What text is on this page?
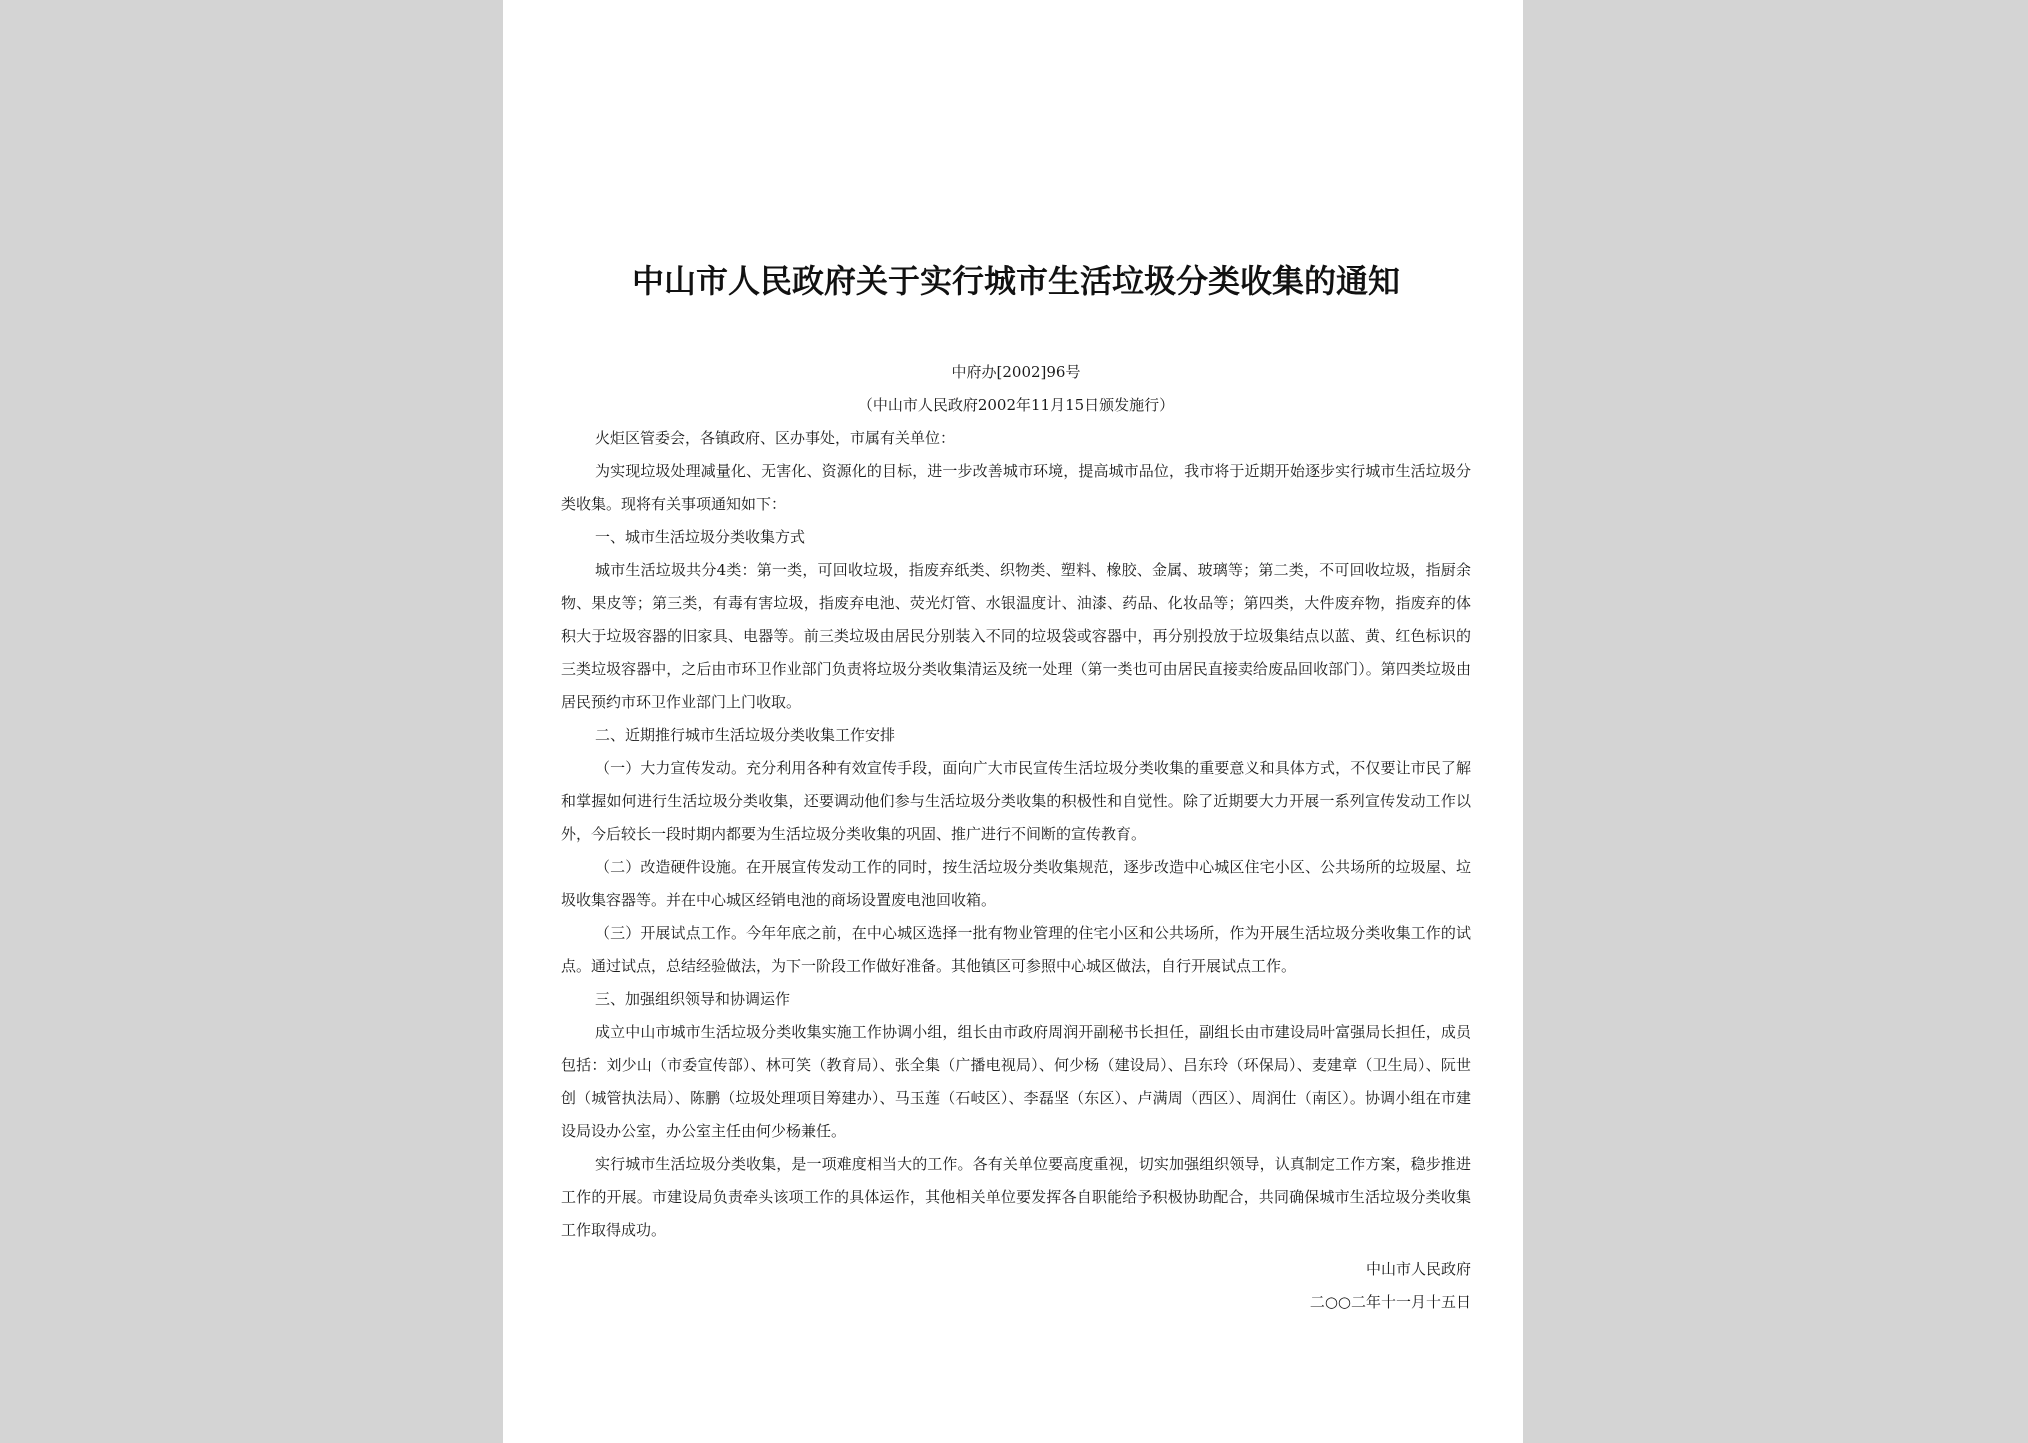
中山市人民政府关于实行城市生活垃圾分类收集的通知
中府办[2002]96号
（中山市人民政府2002年11月15日颁发施行）

火炬区管委会，各镇政府、区办事处，市属有关单位：

为实现垃圾处理减量化、无害化、资源化的目标，进一步改善城市环境，提高城市品位，我市将于近期开始逐步实行城市生活垃圾分类收集。现将有关事项通知如下：

一、城市生活垃圾分类收集方式

城市生活垃圾共分4类：第一类，可回收垃圾，指废弃纸类、织物类、塑料、橡胶、金属、玻璃等；第二类，不可回收垃圾，指厨余物、果皮等；第三类，有毒有害垃圾，指废弃电池、荧光灯管、水银温度计、油漆、药品、化妆品等；第四类，大件废弃物，指废弃的体积大于垃圾容器的旧家具、电器等。前三类垃圾由居民分别装入不同的垃圾袋或容器中，再分别投放于垃圾集结点以蓝、黄、红色标识的三类垃圾容器中，之后由市环卫作业部门负责将垃圾分类收集清运及统一处理（第一类也可由居民直接卖给废品回收部门）。第四类垃圾由居民预约市环卫作业部门上门收取。

二、近期推行城市生活垃圾分类收集工作安排

（一）大力宣传发动。充分利用各种有效宣传手段，面向广大市民宣传生活垃圾分类收集的重要意义和具体方式，不仅要让市民了解和掌握如何进行生活垃圾分类收集，还要调动他们参与生活垃圾分类收集的积极性和自觉性。除了近期要大力开展一系列宣传发动工作以外，今后较长一段时期内都要为生活垃圾分类收集的巩固、推广进行不间断的宣传教育。

（二）改造硬件设施。在开展宣传发动工作的同时，按生活垃圾分类收集规范，逐步改造中心城区住宅小区、公共场所的垃圾屋、垃圾收集容器等。并在中心城区经销电池的商场设置废电池回收箱。

（三）开展试点工作。今年年底之前，在中心城区选择一批有物业管理的住宅小区和公共场所，作为开展生活垃圾分类收集工作的试点。通过试点，总结经验做法，为下一阶段工作做好准备。其他镇区可参照中心城区做法，自行开展试点工作。

三、加强组织领导和协调运作

成立中山市城市生活垃圾分类收集实施工作协调小组，组长由市政府周润开副秘书长担任，副组长由市建设局叶富强局长担任，成员包括：刘少山（市委宣传部）、林可笑（教育局）、张全集（广播电视局）、何少杨（建设局）、吕东玲（环保局）、麦建章（卫生局）、阮世创（城管执法局）、陈鹏（垃圾处理项目筹建办）、马玉莲（石岐区）、李磊坚（东区）、卢满周（西区）、周润仕（南区）。协调小组在市建设局设办公室，办公室主任由何少杨兼任。

实行城市生活垃圾分类收集，是一项难度相当大的工作。各有关单位要高度重视，切实加强组织领导，认真制定工作方案，稳步推进工作的开展。市建设局负责牵头该项工作的具体运作，其他相关单位要发挥各自职能给予积极协助配合，共同确保城市生活垃圾分类收集工作取得成功。

中山市人民政府
二○○二年十一月十五日
